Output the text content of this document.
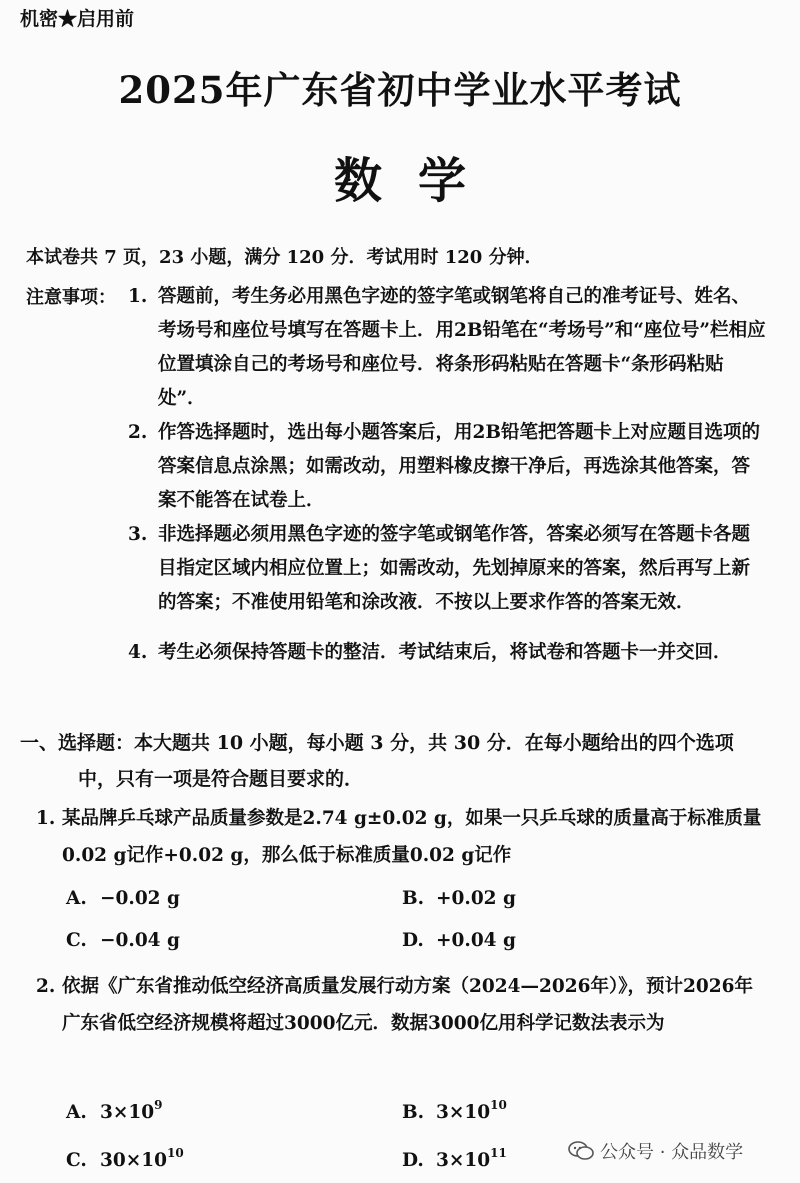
机密★启用前
2025年广东省初中学业水平考试
数学
本试卷共 7 页，23 小题，满分 120 分．考试用时 120 分钟．
注意事项： 1. 答题前，考生务必用黑色字迹的签字笔或钢笔将自己的准考证号、姓名、考场号和座位号填写在答题卡上．用2B铅笔在“考场号”和“座位号”栏相应位置填涂自己的考场号和座位号．将条形码粘贴在答题卡“条形码粘贴处”．
2. 作答选择题时，选出每小题答案后，用2B铅笔把答题卡上对应题目选项的答案信息点涂黑；如需改动，用塑料橡皮擦干净后，再选涂其他答案，答案不能答在试卷上．
3. 非选择题必须用黑色字迹的签字笔或钢笔作答，答案必须写在答题卡各题目指定区域内相应位置上；如需改动，先划掉原来的答案，然后再写上新的答案；不准使用铅笔和涂改液．不按以上要求作答的答案无效．
4. 考生必须保持答题卡的整洁．考试结束后，将试卷和答题卡一并交回．
一、选择题：本大题共 10 小题，每小题 3 分，共 30 分．在每小题给出的四个选项中，只有一项是符合题目要求的．
1. 某品牌乒乓球产品质量参数是2.74 g±0.02 g，如果一只乒乓球的质量高于标准质量0.02 g记作+0.02 g，那么低于标准质量0.02 g记作
A. −0.02 g	B. +0.02 g
C. −0.04 g	D. +0.04 g
2. 依据《广东省推动低空经济高质量发展行动方案（2024—2026年）》，预计2026年广东省低空经济规模将超过3000亿元．数据3000亿用科学记数法表示为
A. $3\times 10^9$	B. $3\times 10^{10}$
C. $30\times 10^{10}$	D. $3\times 10^{11}$	公众号 · 众品数学
